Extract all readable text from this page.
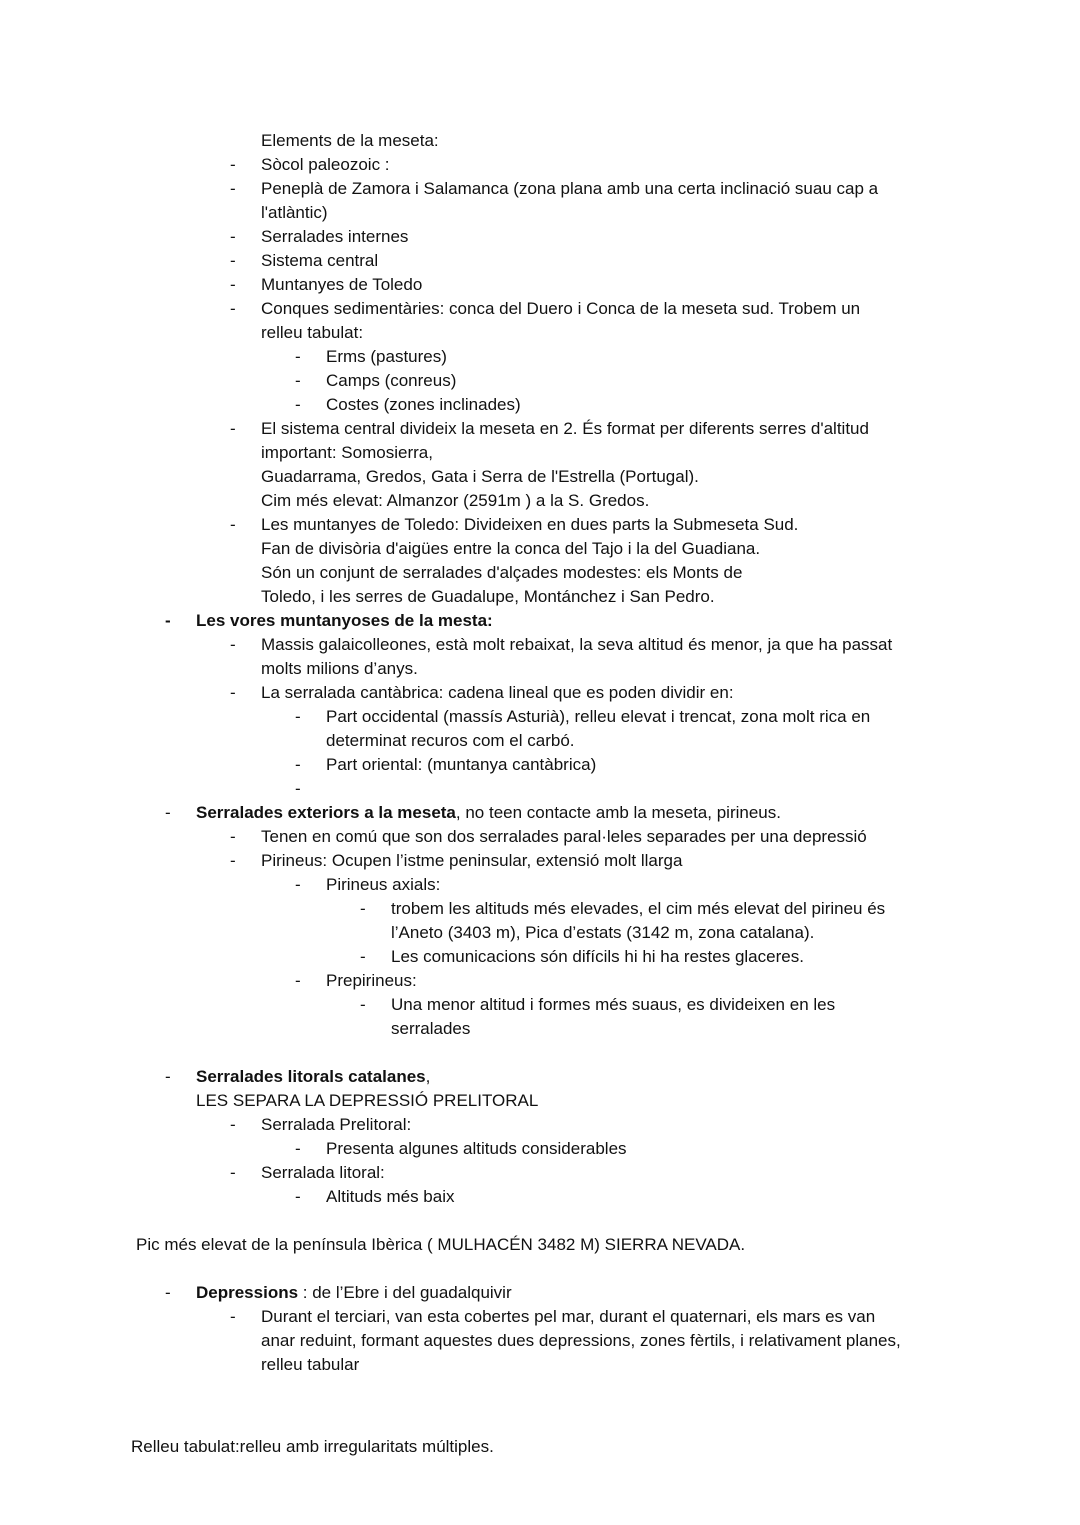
Elements de la meseta:
- Sòcol paleozoic :
- Peneplà de Zamora i Salamanca (zona plana amb una certa inclinació suau cap a
l'atlàntic)
- Serralades internes
- Sistema central
- Muntanyes de Toledo
- Conques sedimentàries: conca del Duero i Conca de la meseta sud. Trobem un
relleu tabulat:
- Erms (pastures)
- Camps (conreus)
- Costes (zones inclinades)
- El sistema central divideix la meseta en 2. És format per diferents serres d'altitud
important: Somosierra,
Guadarrama, Gredos, Gata i Serra de l'Estrella (Portugal).
Cim més elevat: Almanzor (2591m ) a la S. Gredos.
- Les muntanyes de Toledo: Divideixen en dues parts la Submeseta Sud.
Fan de divisòria d'aigües entre la conca del Tajo i la del Guadiana.
Són un conjunt de serralades d'alçades modestes: els Monts de
Toledo, i les serres de Guadalupe, Montánchez i San Pedro.
- Les vores muntanyoses de la mesta:
- Massis galaicolleones, està molt rebaixat, la seva altitud és menor, ja que ha passat
molts milions d’anys.
- La serralada cantàbrica: cadena lineal que es poden dividir en:
- Part occidental (massís Asturià), relleu elevat i trencat, zona molt rica en
determinat recuros com el carbó.
- Part oriental: (muntanya cantàbrica)
-
- Serralades exteriors a la meseta, no teen contacte amb la meseta, pirineus.
- Tenen en comú que son dos serralades paral·leles separades per una depressió
- Pirineus: Ocupen l’istme peninsular, extensió molt llarga
- Pirineus axials:
- trobem les altituds més elevades, el cim més elevat del pirineu és
l’Aneto (3403 m), Pica d’estats (3142 m, zona catalana).
- Les comunicacions són difícils hi hi ha restes glaceres.
- Prepirineus:
- Una menor altitud i formes més suaus, es divideixen en les
serralades
- Serralades litorals catalanes,
LES SEPARA LA DEPRESSIÓ PRELITORAL
- Serralada Prelitoral:
- Presenta algunes altituds considerables
- Serralada litoral:
- Altituds més baix
Pic més elevat de la península Ibèrica ( MULHACÉN 3482 M) SIERRA NEVADA.
- Depressions : de l’Ebre i del guadalquivir
- Durant el terciari, van esta cobertes pel mar, durant el quaternari, els mars es van
anar reduint, formant aquestes dues depressions, zones fèrtils, i relativament planes,
relleu tabular
Relleu tabulat:relleu amb irregularitats múltiples.
